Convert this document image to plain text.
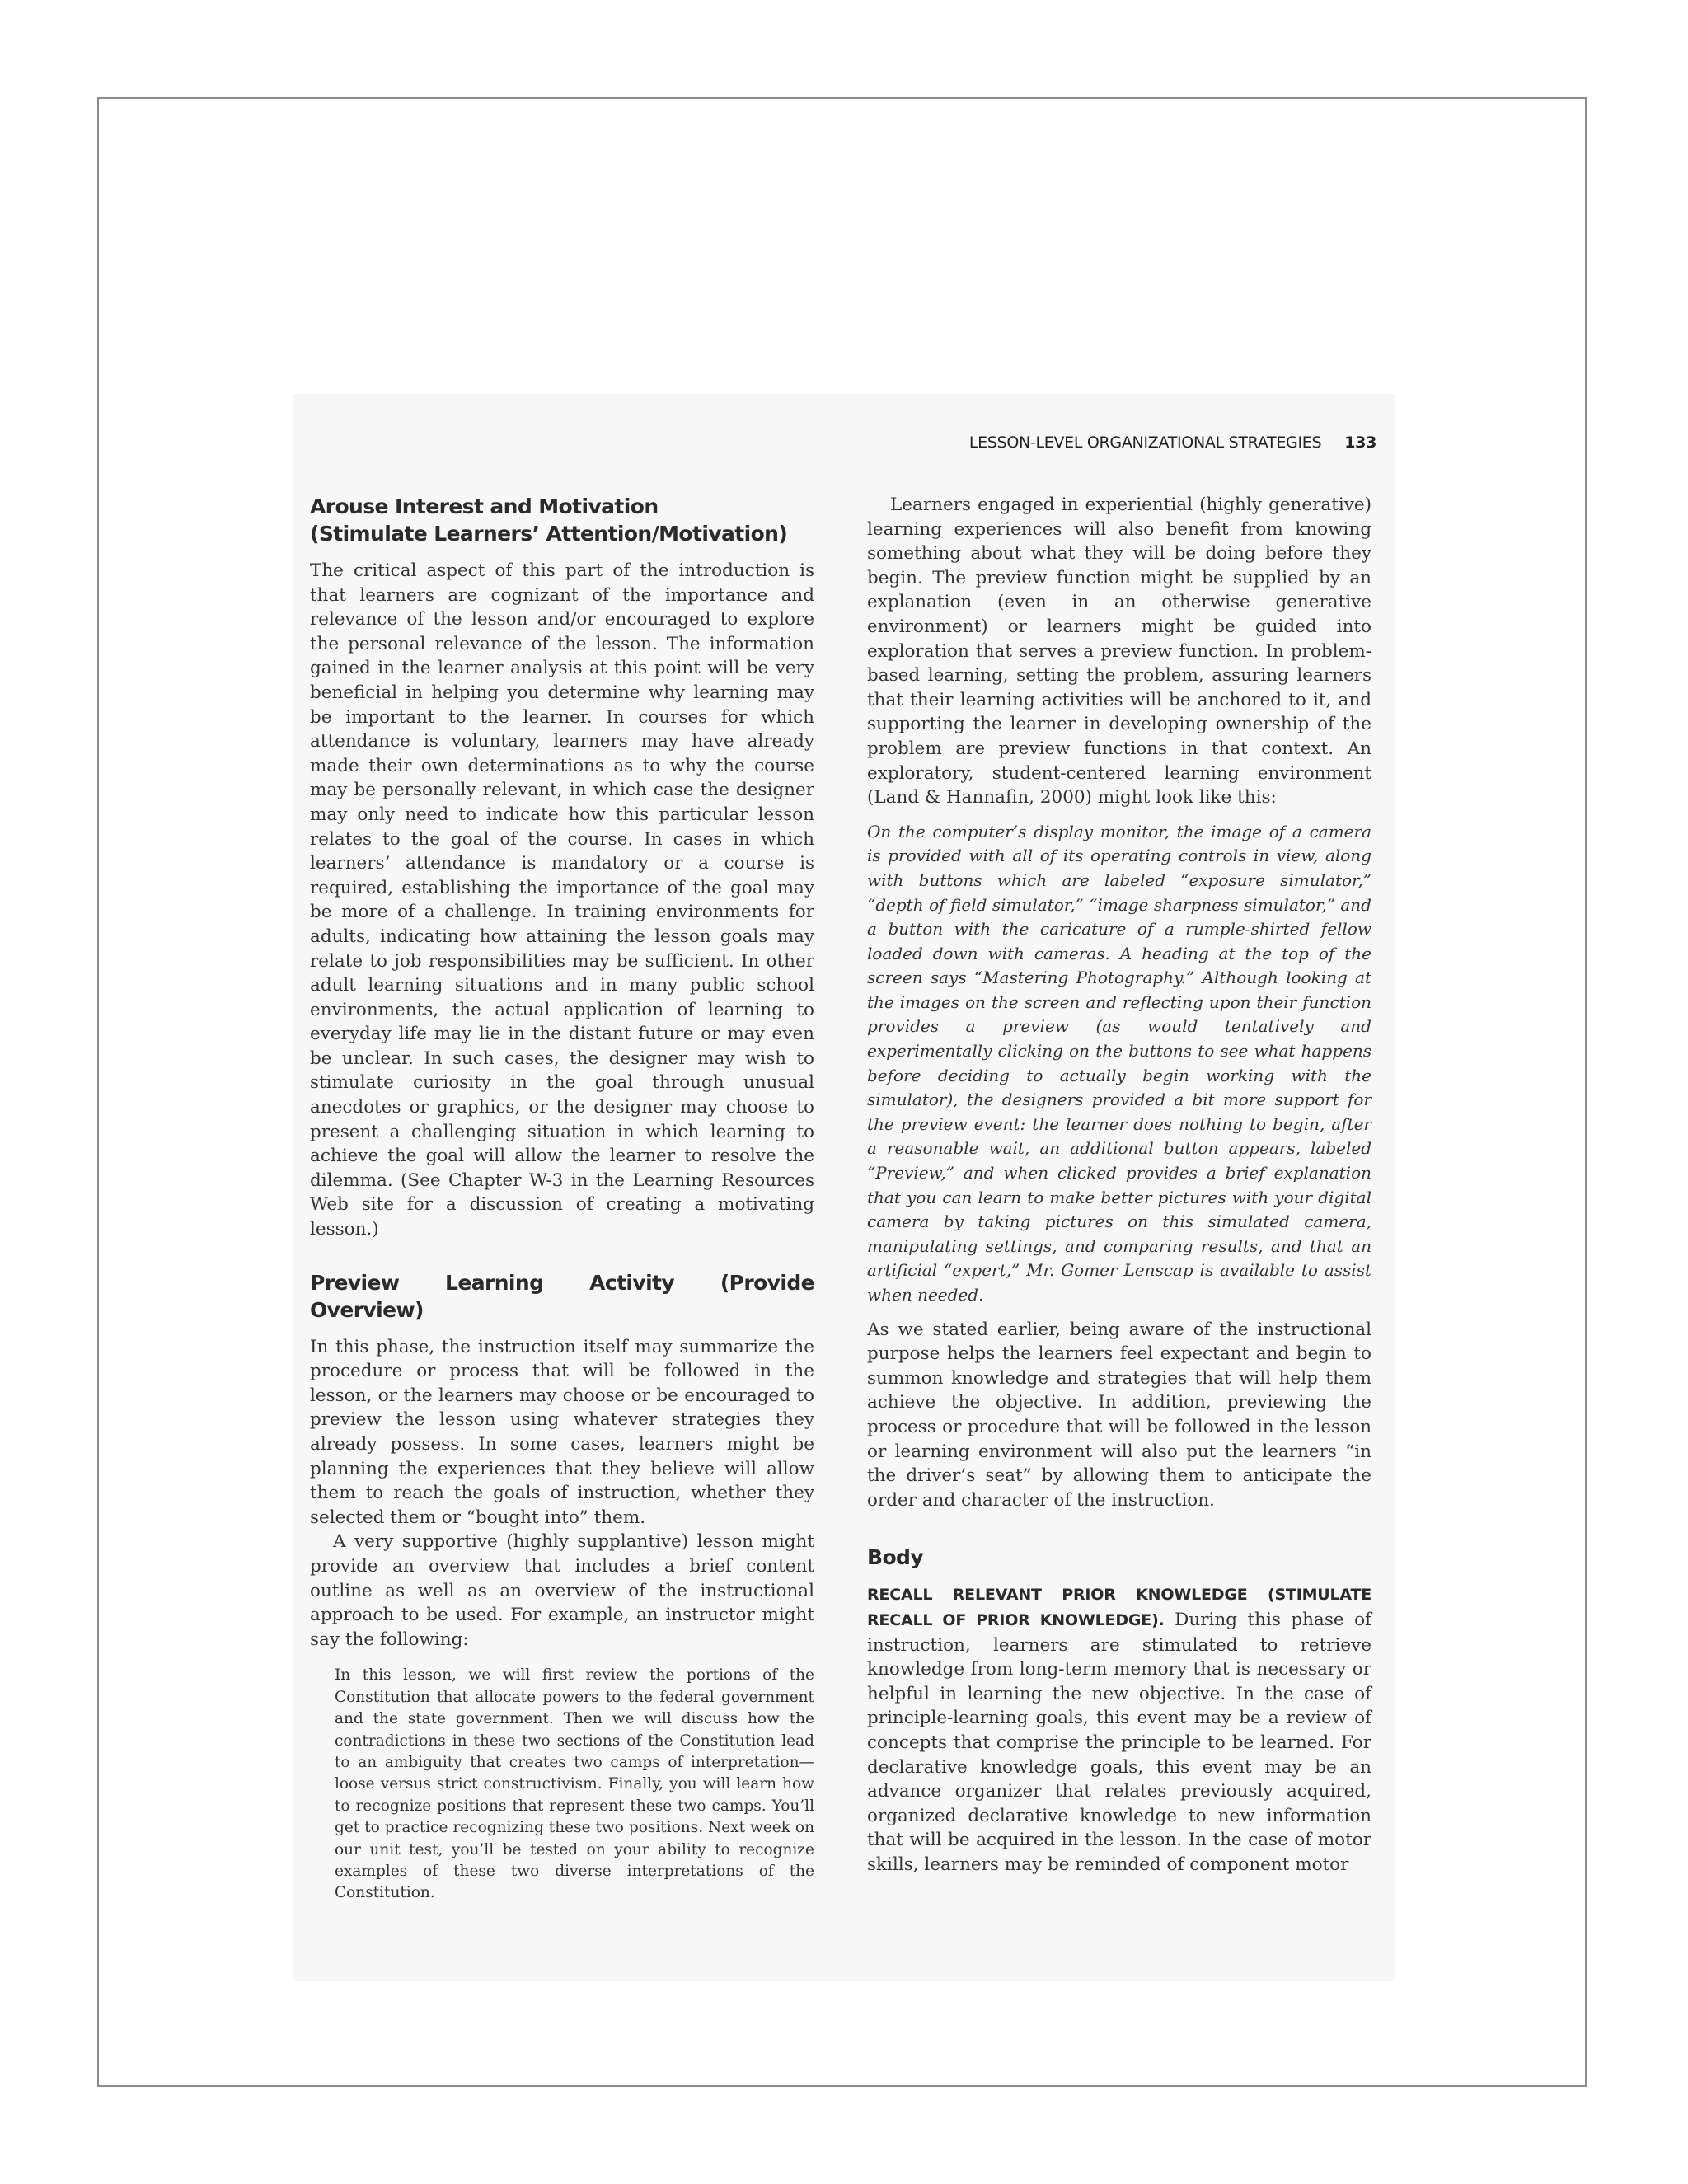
LESSON-LEVEL ORGANIZATIONAL STRATEGIES 133
Arouse Interest and Motivation
(Stimulate Learners’ Attention/Motivation)

The critical aspect of this part of the introduction is that learners are cognizant of the importance and relevance of the lesson and/or encouraged to explore the personal relevance of the lesson. The information gained in the learner analysis at this point will be very beneficial in helping you determine why learning may be important to the learner. In courses for which attendance is voluntary, learners may have already made their own determinations as to why the course may be personally relevant, in which case the designer may only need to indicate how this particular lesson relates to the goal of the course. In cases in which learners’ attendance is mandatory or a course is required, establishing the importance of the goal may be more of a challenge. In training environments for adults, indicating how attaining the lesson goals may relate to job responsibilities may be sufficient. In other adult learning situations and in many public school environments, the actual application of learning to everyday life may lie in the distant future or may even be unclear. In such cases, the designer may wish to stimulate curiosity in the goal through unusual anecdotes or graphics, or the designer may choose to present a challenging situation in which learning to achieve the goal will allow the learner to resolve the dilemma. (See Chapter W-3 in the Learning Resources Web site for a discussion of creating a motivating lesson.)

Preview Learning Activity (Provide Overview)

In this phase, the instruction itself may summarize the procedure or process that will be followed in the lesson, or the learners may choose or be encouraged to preview the lesson using whatever strategies they already possess. In some cases, learners might be planning the experiences that they believe will allow them to reach the goals of instruction, whether they selected them or “bought into” them.

A very supportive (highly supplantive) lesson might provide an overview that includes a brief content outline as well as an overview of the instructional approach to be used. For example, an instructor might say the following:

In this lesson, we will first review the portions of the Constitution that allocate powers to the federal government and the state government. Then we will discuss how the contradictions in these two sections of the Constitution lead to an ambiguity that creates two camps of interpretation—loose versus strict constructivism. Finally, you will learn how to recognize positions that represent these two camps. You’ll get to practice recognizing these two positions. Next week on our unit test, you’ll be tested on your ability to recognize examples of these two diverse interpretations of the Constitution.

Learners engaged in experiential (highly generative) learning experiences will also benefit from knowing something about what they will be doing before they begin. The preview function might be supplied by an explanation (even in an otherwise generative environment) or learners might be guided into exploration that serves a preview function. In problem-based learning, setting the problem, assuring learners that their learning activities will be anchored to it, and supporting the learner in developing ownership of the problem are preview functions in that context. An exploratory, student-centered learning environment (Land & Hannafin, 2000) might look like this:

On the computer’s display monitor, the image of a camera is provided with all of its operating controls in view, along with buttons which are labeled “exposure simulator,” “depth of field simulator,” “image sharpness simulator,” and a button with the caricature of a rumple-shirted fellow loaded down with cameras. A heading at the top of the screen says “Mastering Photography.” Although looking at the images on the screen and reflecting upon their function provides a preview (as would tentatively and experimentally clicking on the buttons to see what happens before deciding to actually begin working with the simulator), the designers provided a bit more support for the preview event: the learner does nothing to begin, after a reasonable wait, an additional button appears, labeled “Preview,” and when clicked provides a brief explanation that you can learn to make better pictures with your digital camera by taking pictures on this simulated camera, manipulating settings, and comparing results, and that an artificial “expert,” Mr. Gomer Lenscap is available to assist when needed.

As we stated earlier, being aware of the instructional purpose helps the learners feel expectant and begin to summon knowledge and strategies that will help them achieve the objective. In addition, previewing the process or procedure that will be followed in the lesson or learning environment will also put the learners “in the driver’s seat” by allowing them to anticipate the order and character of the instruction.

Body

RECALL RELEVANT PRIOR KNOWLEDGE (STIMULATE RECALL OF PRIOR KNOWLEDGE). During this phase of instruction, learners are stimulated to retrieve knowledge from long-term memory that is necessary or helpful in learning the new objective. In the case of principle-learning goals, this event may be a review of concepts that comprise the principle to be learned. For declarative knowledge goals, this event may be an advance organizer that relates previously acquired, organized declarative knowledge to new information that will be acquired in the lesson. In the case of motor skills, learners may be reminded of component motor
